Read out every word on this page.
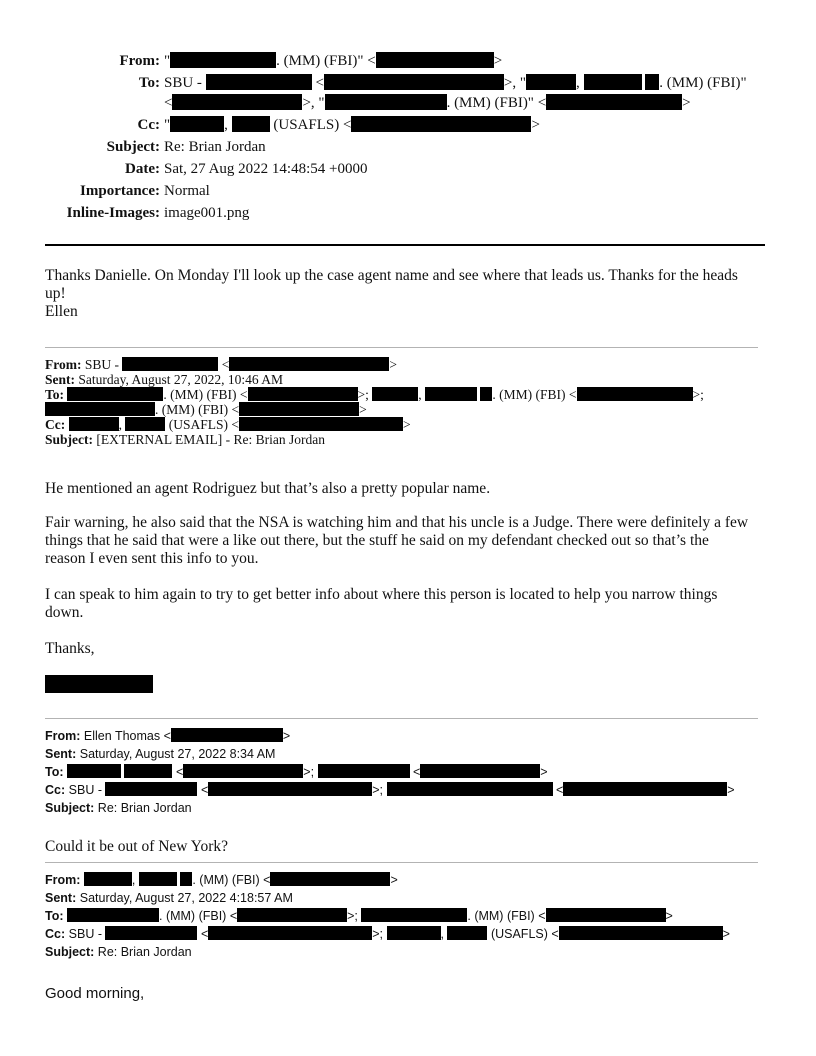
From: "	. (MM) (FBI)" <	>
To: SBU -	<	>, "	,	. (MM) (FBI)"
<	>, "	. (MM) (FBI)" <	>
Cc: "	,	(USAFLS) <	>
Subject: Re: Brian Jordan
Date: Sat, 27 Aug 2022 14:48:54 +0000
Importance: Normal
Inline-Images: image001.png
Thanks Danielle. On Monday I'll look up the case agent name and see where that leads us. Thanks for the heads
up!
Ellen
From: SBU -	<	>
Sent: Saturday, August 27, 2022, 10:46 AM
To:	. (MM) (FBI) <	>;	,	. (MM) (FBI) <	>;
. (MM) (FBI) <	>
Cc:	,	(USAFLS) <	>
Subject: [EXTERNAL EMAIL] - Re: Brian Jordan
He mentioned an agent Rodriguez but that’s also a pretty popular name.
Fair warning, he also said that the NSA is watching him and that his uncle is a Judge. There were definitely a few
things that he said that were a like out there, but the stuff he said on my defendant checked out so that’s the
reason I even sent this info to you.
I can speak to him again to try to get better info about where this person is located to help you narrow things
down.
Thanks,
From: Ellen Thomas <	>
Sent: Saturday, August 27, 2022 8:34 AM
To:	<	>;	<	>
Cc: SBU -	<	>;	<	>
Subject: Re: Brian Jordan
Could it be out of New York?
From:	,	. (MM) (FBI) <	>
Sent: Saturday, August 27, 2022 4:18:57 AM
To:	. (MM) (FBI) <	>;	. (MM) (FBI) <	>
Cc: SBU -	<	>;	,	(USAFLS) <	>
Subject: Re: Brian Jordan
Good morning,
